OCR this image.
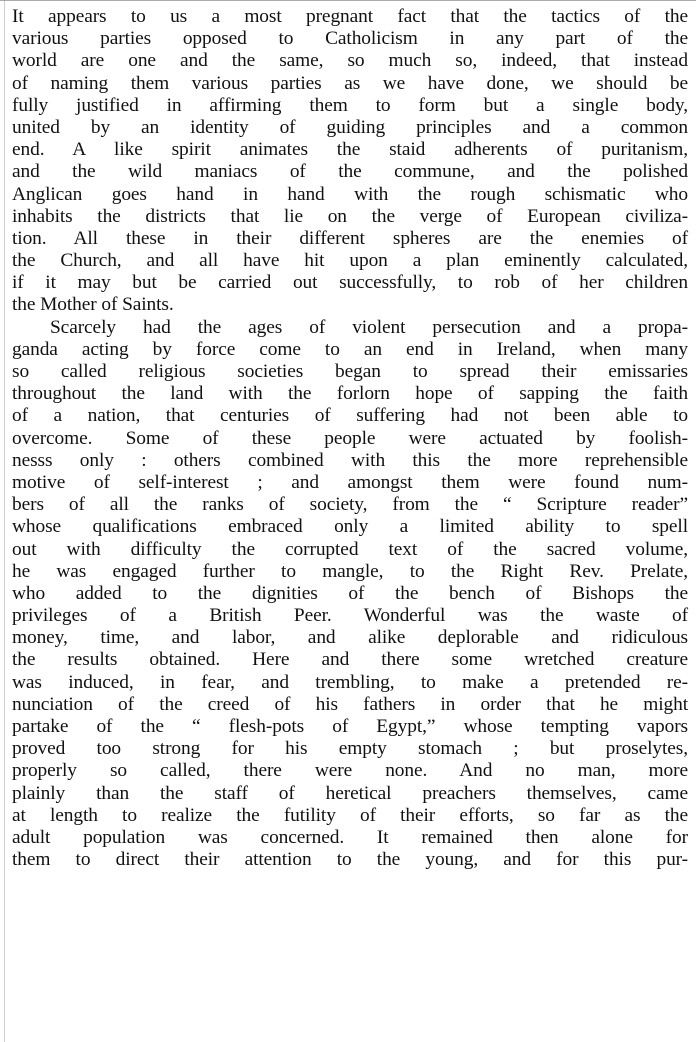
It appears to us a most pregnant fact that the tactics of the
various parties opposed to Catholicism in any part of the
world are one and the same, so much so, indeed, that instead
of naming them various parties as we have done, we should be
fully justified in affirming them to form but a single body,
united by an identity of guiding principles and a common
end. A like spirit animates the staid adherents of puritanism,
and the wild maniacs of the commune, and the polished
Anglican goes hand in hand with the rough schismatic who
inhabits the districts that lie on the verge of European civiliza-
tion. All these in their different spheres are the enemies of
the Church, and all have hit upon a plan eminently calculated,
if it may but be carried out successfully, to rob of her children
the Mother of Saints.
Scarcely had the ages of violent persecution and a propa-
ganda acting by force come to an end in Ireland, when many
so called religious societies began to spread their emissaries
throughout the land with the forlorn hope of sapping the faith
of a nation, that centuries of suffering had not been able to
overcome. Some of these people were actuated by foolish-
nesss only : others combined with this the more reprehensible
motive of self-interest ; and amongst them were found num-
bers of all the ranks of society, from the “ Scripture reader”
whose qualifications embraced only a limited ability to spell
out with difficulty the corrupted text of the sacred volume,
he was engaged further to mangle, to the Right Rev. Prelate,
who added to the dignities of the bench of Bishops the
privileges of a British Peer. Wonderful was the waste of
money, time, and labor, and alike deplorable and ridiculous
the results obtained. Here and there some wretched creature
was induced, in fear, and trembling, to make a pretended re-
nunciation of the creed of his fathers in order that he might
partake of the “ flesh-pots of Egypt,” whose tempting vapors
proved too strong for his empty stomach ; but proselytes,
properly so called, there were none. And no man, more
plainly than the staff of heretical preachers themselves, came
at length to realize the futility of their efforts, so far as the
adult population was concerned. It remained then alone for
them to direct their attention to the young, and for this pur-
